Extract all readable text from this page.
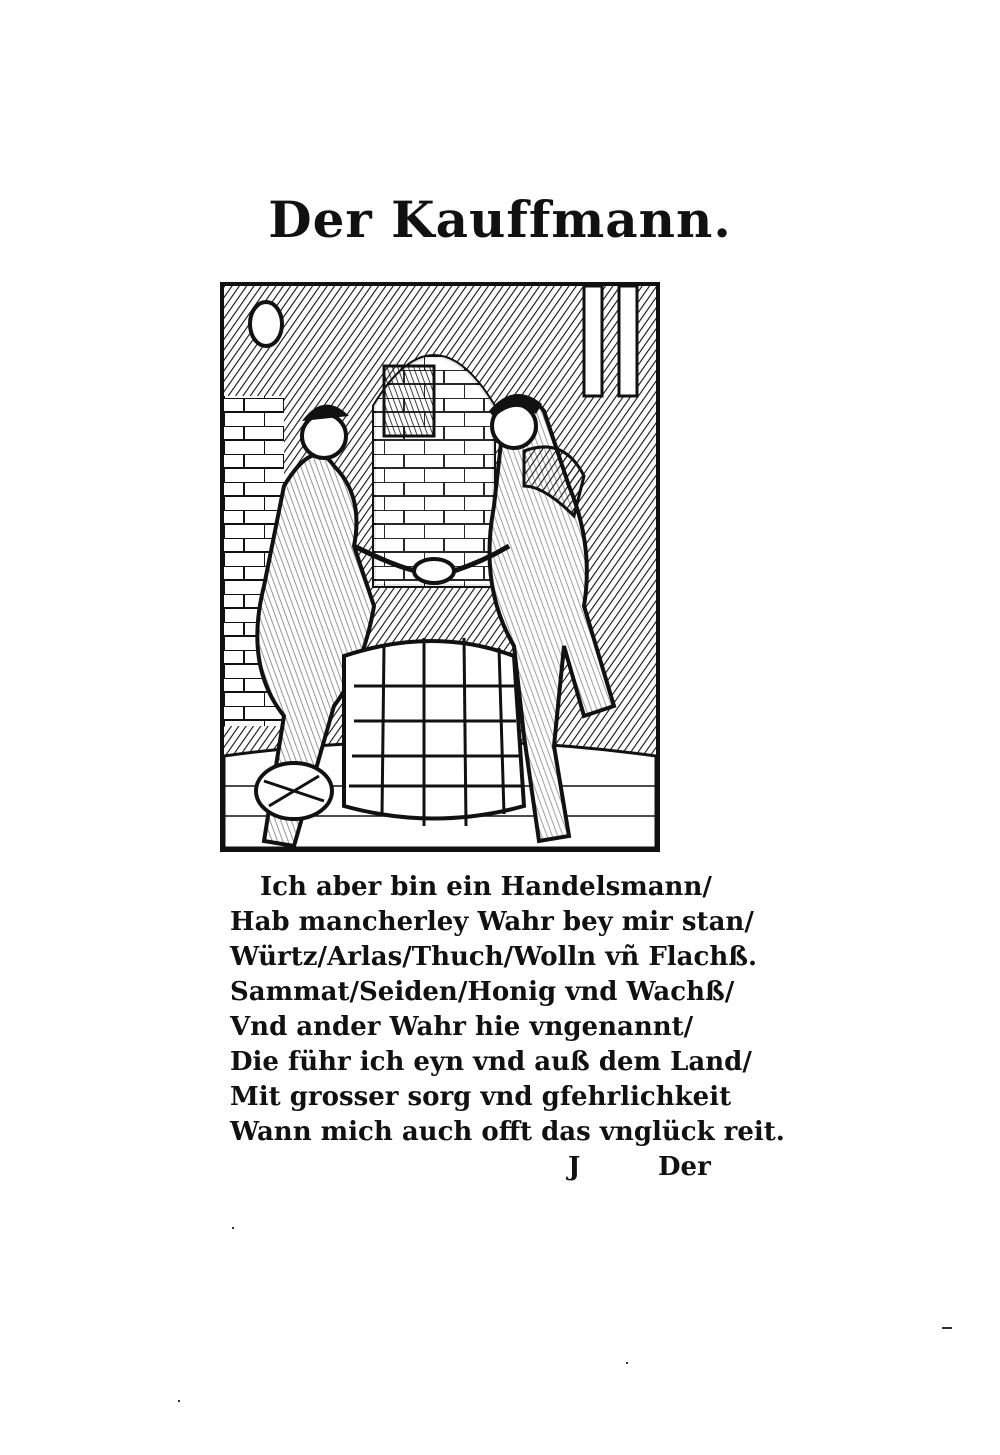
Der Kauffmann.
Ich aber bin ein Handelsmann/
Hab mancherley Wahr bey mir stan/
Würtz/Arlas/Thuch/Wolln vñ Flachß.
Sammat/Seiden/Honig vnd Wachß/
Vnd ander Wahr hie vngenannt/
Die führ ich eyn vnd auß dem Land/
Mit grosser sorg vnd gfehrlichkeit
Wann mich auch offt das vnglück reit.
J	Der
